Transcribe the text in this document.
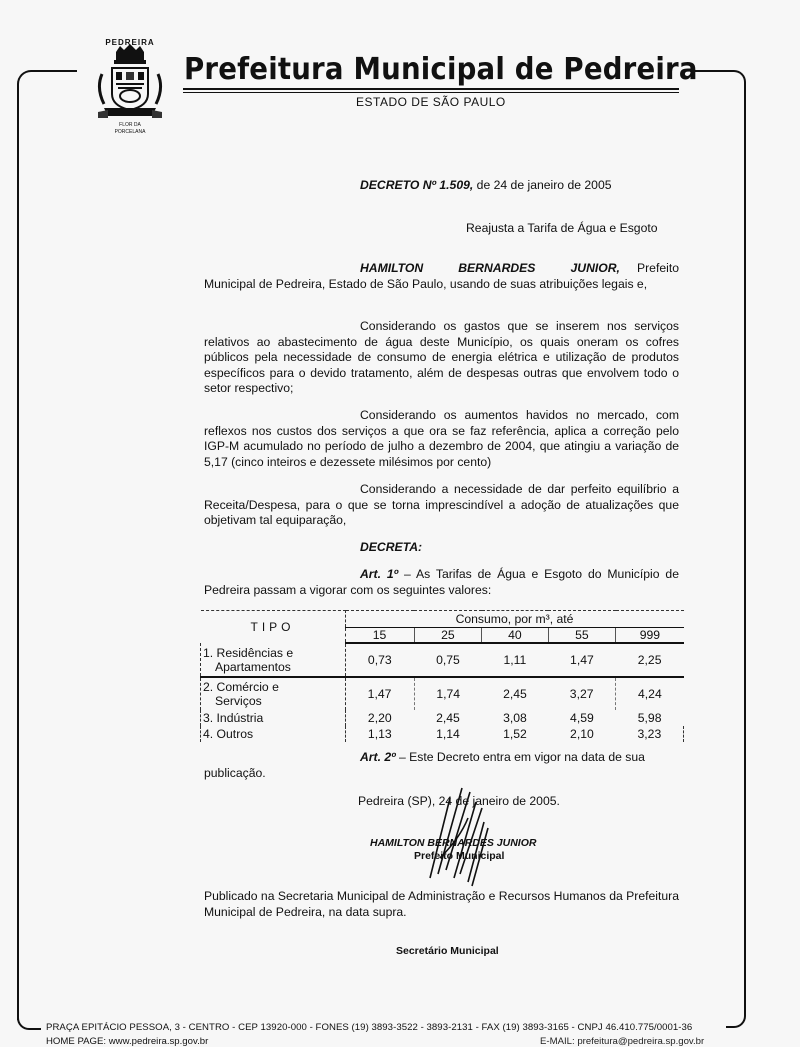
PEDREIRA
FLOR DA
PORCELANA
Prefeitura Municipal de Pedreira
ESTADO DE SÃO PAULO
DECRETO Nº 1.509, de 24 de janeiro de 2005
Reajusta a Tarifa de Água e Esgoto
HAMILTON BERNARDES JUNIOR, Prefeito Municipal de Pedreira, Estado de São Paulo, usando de suas atribuições legais e,
Considerando os gastos que se inserem nos serviços relativos ao abastecimento de água deste Município, os quais oneram os cofres públicos pela necessidade de consumo de energia elétrica e utilização de produtos específicos para o devido tratamento, além de despesas outras que envolvem todo o setor respectivo;
Considerando os aumentos havidos no mercado, com reflexos nos custos dos serviços a que ora se faz referência, aplica a correção pelo IGP-M acumulado no período de julho a dezembro de 2004, que atingiu a variação de 5,17 (cinco inteiros e dezessete milésimos por cento)
Considerando a necessidade de dar perfeito equilíbrio a Receita/Despesa, para o que se torna imprescindível a adoção de atualizações que objetivam tal equiparação,
DECRETA:
Art. 1º – As Tarifas de Água e Esgoto do Município de Pedreira passam a vigorar com os seguintes valores:
TIPO	Consumo, por m³, até				
	15	25	40	55	999

1. Residências e
Apartamentos	0,73	0,75	1,11	1,47	2,25

2. Comércio e
Serviços	1,47	1,74	2,45	3,27	4,24

3. Indústria	2,20	2,45	3,08	4,59	5,98

4. Outros	1,13	1,14	1,52	2,10	3,23
Art. 2º – Este Decreto entra em vigor na data de sua
publicação.
Pedreira (SP), 24 de janeiro de 2005.
HAMILTON BERNARDES JUNIOR
Prefeito Municipal
Publicado na Secretaria Municipal de Administração e Recursos Humanos da Prefeitura Municipal de Pedreira, na data supra.
Secretário Municipal
PRAÇA EPITÁCIO PESSOA, 3 - CENTRO - CEP 13920-000 - FONES (19) 3893-3522 - 3893-2131 - FAX (19) 3893-3165 - CNPJ 46.410.775/0001-36
HOME PAGE: www.pedreira.sp.gov.br	E-MAIL: prefeitura@pedreira.sp.gov.br
